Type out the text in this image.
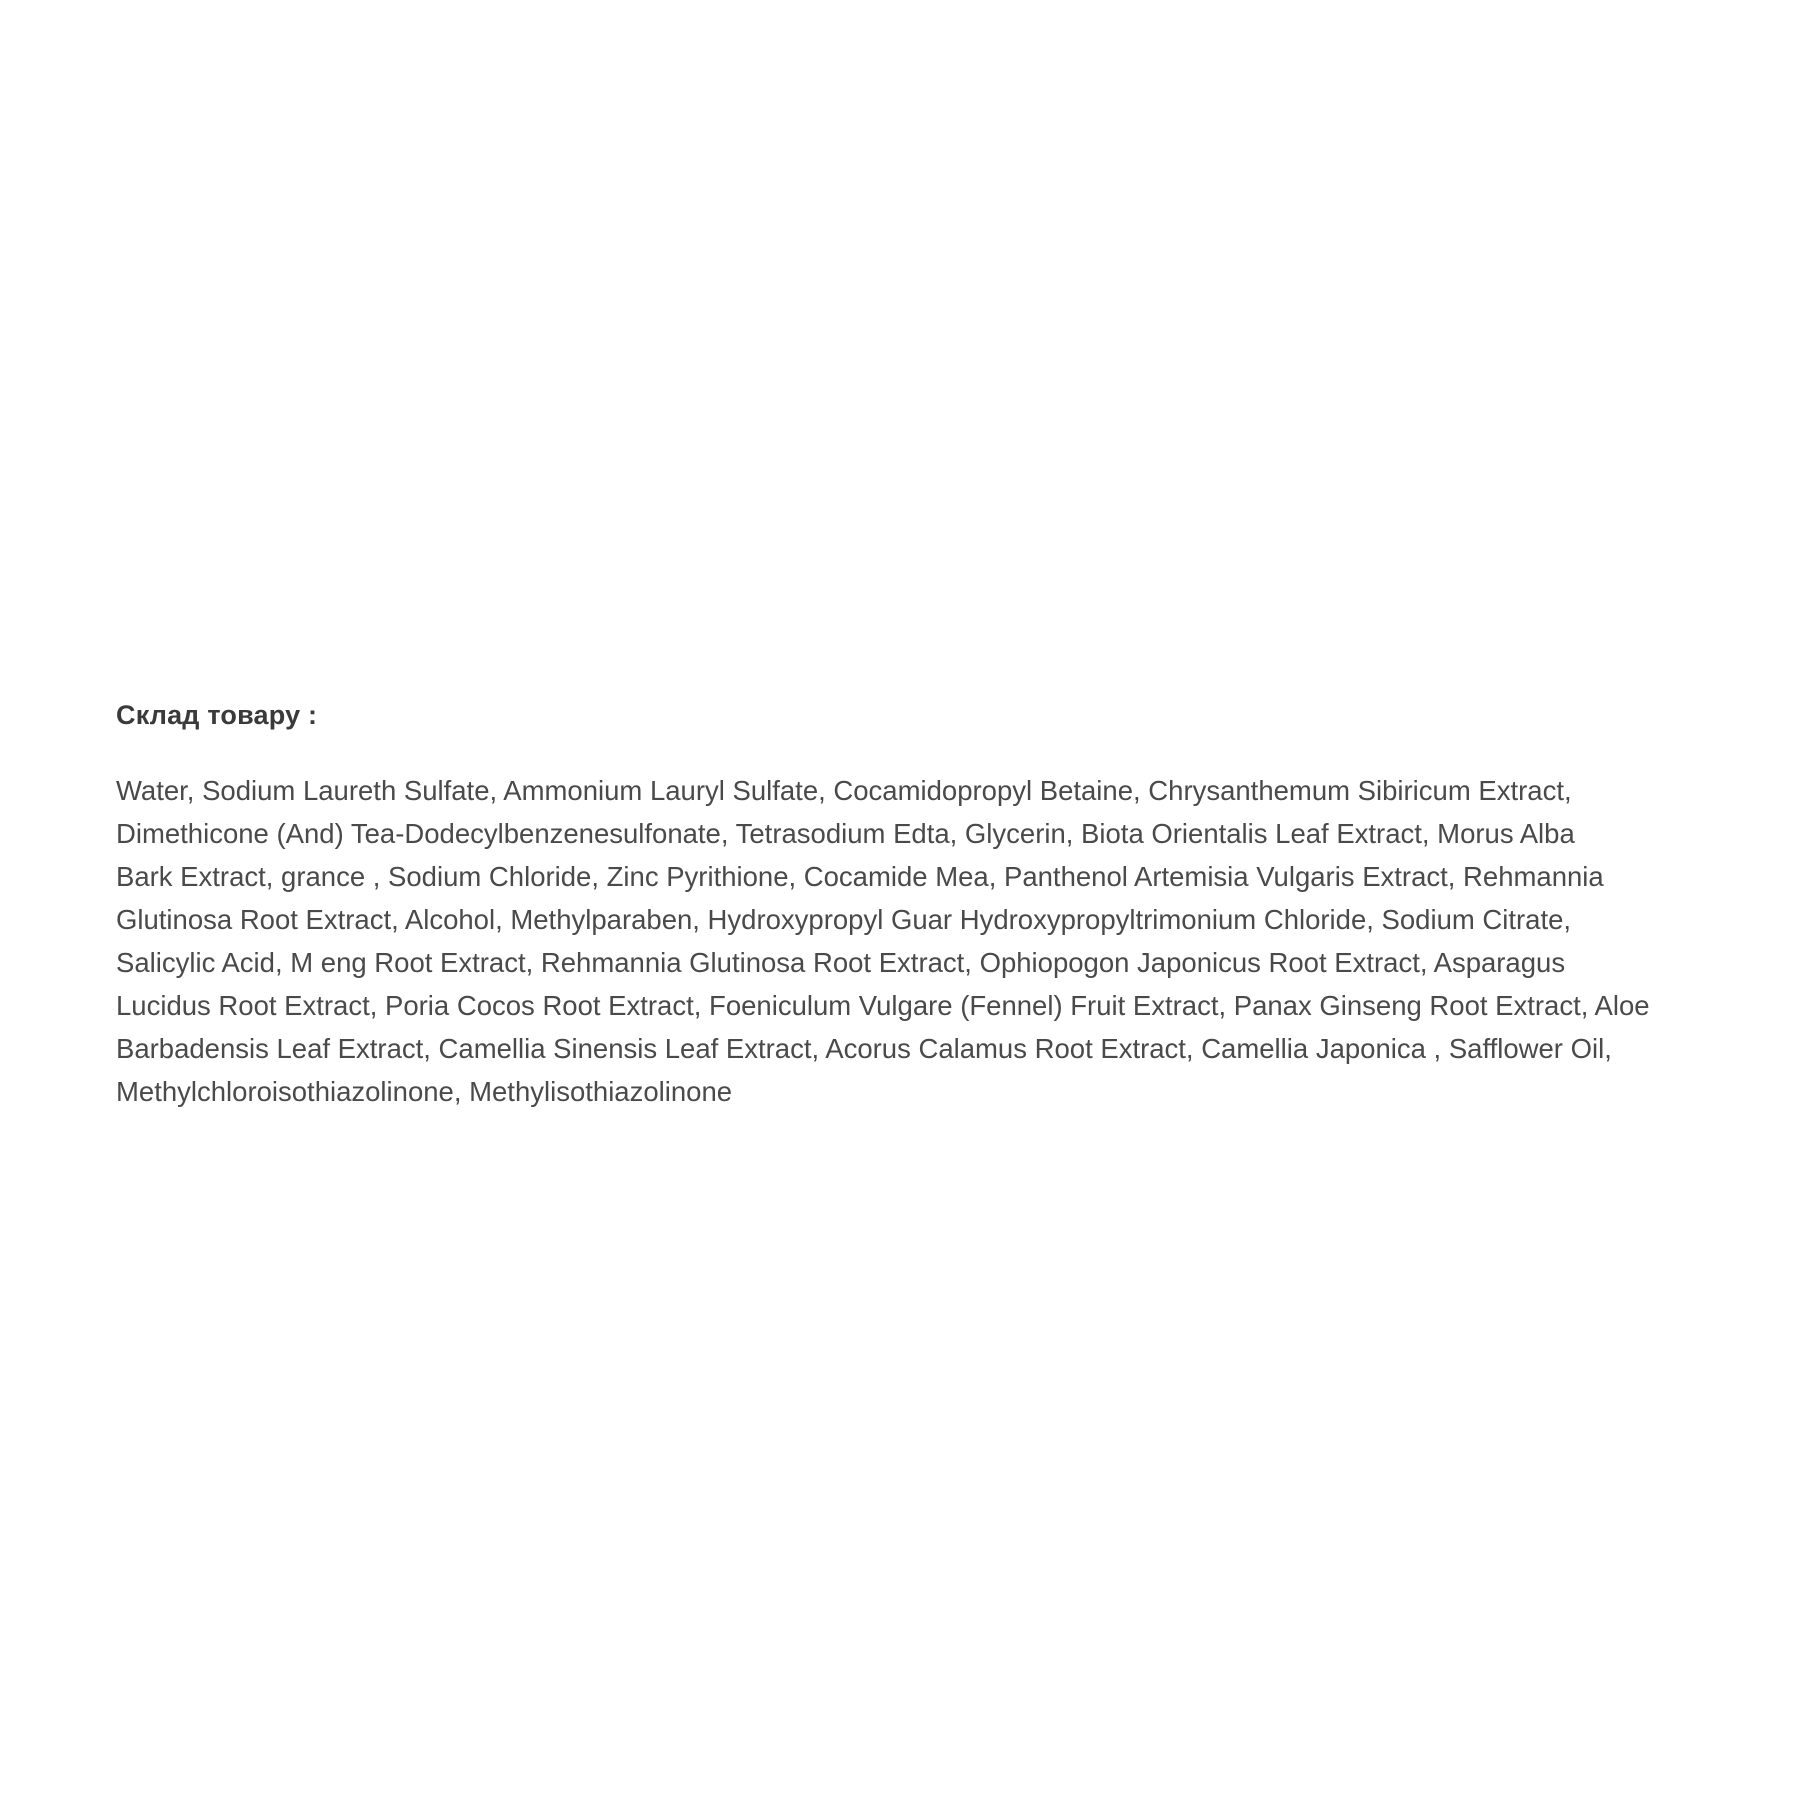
Склад товару :

Water, Sodium Laureth Sulfate, Ammonium Lauryl Sulfate, Cocamidopropyl Betaine, Chrysanthemum Sibiricum Extract,
Dimethicone (And) Tea-Dodecylbenzenesulfonate, Tetrasodium Edta, Glycerin, Biota Orientalis Leaf Extract, Morus Alba
Bark Extract, grance , Sodium Chloride, Zinc Pyrithione, Cocamide Mea, Panthenol Artemisia Vulgaris Extract, Rehmannia
Glutinosa Root Extract, Alcohol, Methylparaben, Hydroxypropyl Guar Hydroxypropyltrimonium Chloride, Sodium Citrate,
Salicylic Acid, M eng Root Extract, Rehmannia Glutinosa Root Extract, Ophiopogon Japonicus Root Extract, Asparagus
Lucidus Root Extract, Poria Cocos Root Extract, Foeniculum Vulgare (Fennel) Fruit Extract, Panax Ginseng Root Extract, Aloe
Barbadensis Leaf Extract, Camellia Sinensis Leaf Extract, Acorus Calamus Root Extract, Camellia Japonica , Safflower Oil,
Methylchloroisothiazolinone, Methylisothiazolinone
